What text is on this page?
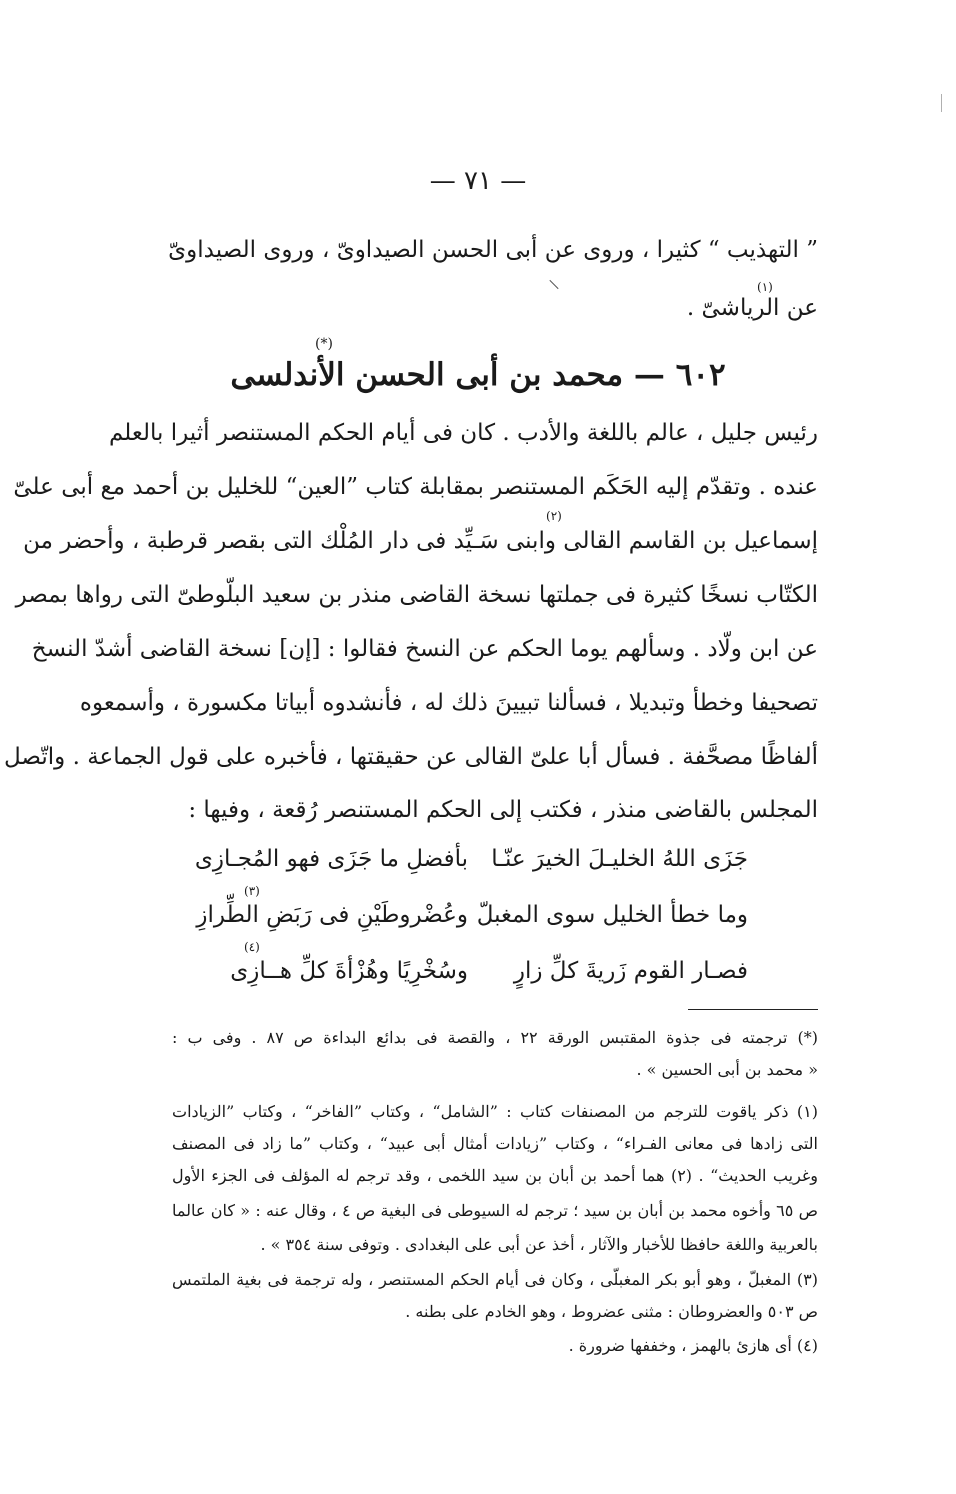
— ٧١ —
” التهذيب “ كثيرا ، وروى عن أبى الحسن الصيداوىّ ، وروى الصيداوىّ
(١)
عن الرياشىّ .
(*)
٦٠٢ — محمد بن أبى الحسن الأندلسى
رئيس جليل ، عالم باللغة والأدب . كان فى أيام الحكم المستنصر أثيرا بالعلم
عنده . وتقدّم إليه الحَكَم المستنصر بمقابلة كتاب ”العين“ للخليل بن أحمد مع أبى علىّ
(٢)
إسماعيل بن القاسم القالى وابنى سَـيِّد فى دار المُلْك التى بقصر قرطبة ، وأحضر من
الكتّاب نسخًا كثيرة فى جملتها نسخة القاضى منذر بن سعيد البلّوطىّ التى رواها بمصر
عن ابن ولّاد . وسألهم يوما الحكم عن النسخ فقالوا : [إن] نسخة القاضى أشدّ النسخ
تصحيفا وخطأ وتبديلا ، فسألنا تبيينَ ذلك له ، فأنشدوه أبياتا مكسورة ، وأسمعوه
ألفاظًا مصحَّفة . فسأل أبا علىّ القالى عن حقيقتها ، فأخبره على قول الجماعة . واتّصل
المجلس بالقاضى منذر ، فكتب إلى الحكم المستنصر رُقعة ، وفيها :
جَزَى اللهُ الخليـلَ الخيرَ عنّـا
بأفضلِ ما جَزَى فهو المُجـازِى
(٣)
وما خطأ الخليل سوى المغبلّ
وعُضْروطَيْنِ فى رَبَضِ الطِّرازِ
(٤)
فصـار القوم زَريةَ كلِّ زارٍ
وسُخْرِيًا وهُزْأةَ كلِّ هــازِى
(*) ترجمته فى جذوة المقتبس الورقة ٢٢ ، والقصة فى بدائع البداءة ص ٨٧ . وفى ب :
« محمد بن أبى الحسين » .
(١) ذكر ياقوت للترجم من المصنفات كتاب : ”الشامل“ ، وكتاب ”الفاخر“ ، وكتاب ”الزيادات
التى زادها فى معانى الفـراء“ ، وكتاب ”زيادات أمثال أبى عبيد“ ، وكتاب ”ما زاد فى المصنف
وغريب الحديث“ . (٢) هما أحمد بن أبان بن سيد اللخمى ، وقد ترجم له المؤلف فى الجزء الأول
ص ٦٥ وأخوه محمد بن أبان بن سيد ؛ ترجم له السيوطى فى البغية ص ٤ ، وقال عنه : « كان عالما
بالعربية واللغة حافظا للأخبار والآثار ، أخذ عن أبى على البغدادى . وتوفى سنة ٣٥٤ » .
(٣) المغبلّ ، وهو أبو بكر المغبلّى ، وكان فى أيام الحكم المستنصر ، وله ترجمة فى بغية الملتمس
ص ٥٠٣ والعضروطان : مثنى عضروط ، وهو الخادم على بطنه .
(٤) أى هازئ بالهمز ، وخففها ضرورة .
